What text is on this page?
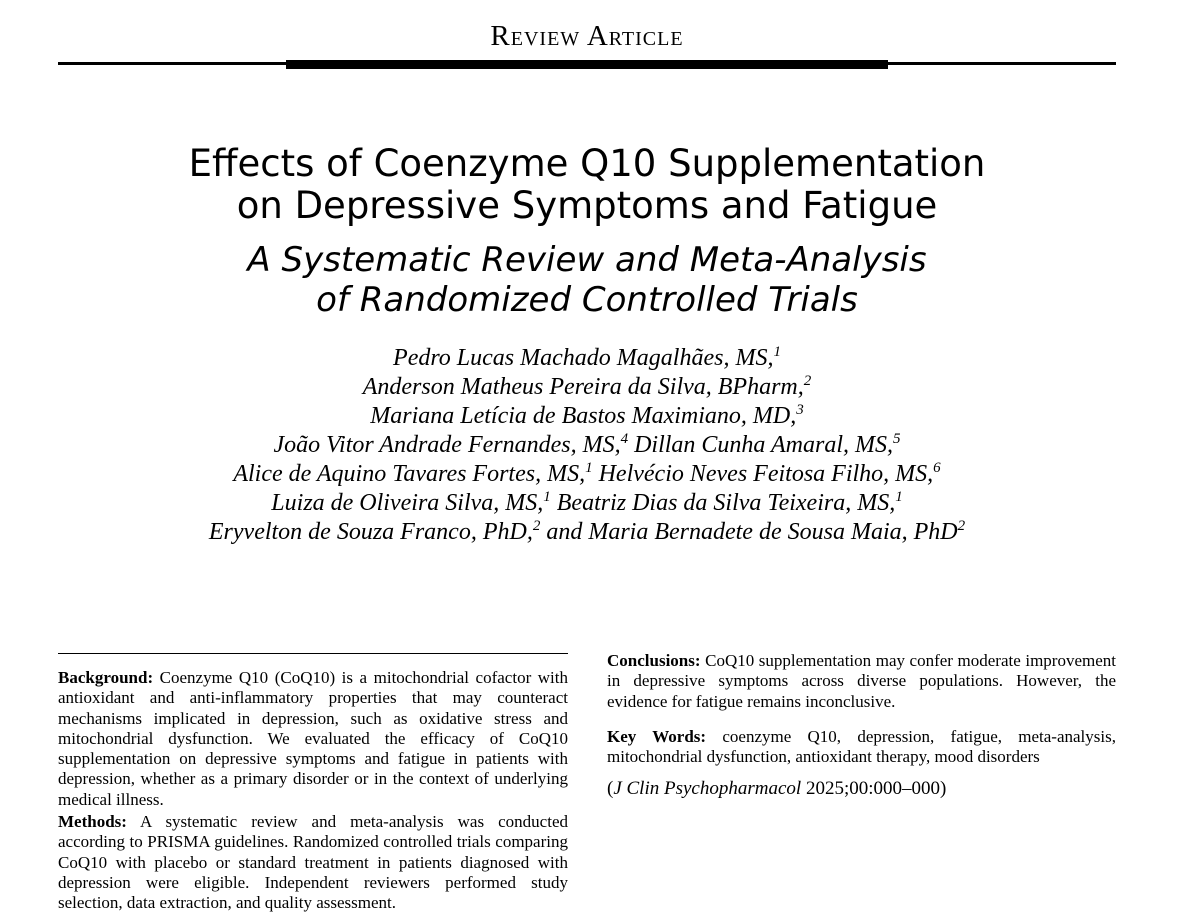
Review Article
Effects of Coenzyme Q10 Supplementation
on Depressive Symptoms and Fatigue
A Systematic Review and Meta-Analysis
of Randomized Controlled Trials
Pedro Lucas Machado Magalhães, MS,$^1$
Anderson Matheus Pereira da Silva, BPharm,$^2$
Mariana Letícia de Bastos Maximiano, MD,$^3$
João Vitor Andrade Fernandes, MS,$^4$ Dillan Cunha Amaral, MS,$^5$
Alice de Aquino Tavares Fortes, MS,$^1$ Helvécio Neves Feitosa Filho, MS,$^6$
Luiza de Oliveira Silva, MS,$^1$ Beatriz Dias da Silva Teixeira, MS,$^1$
Eryvelton de Souza Franco, PhD,$^2$ and Maria Bernadete de Sousa Maia, PhD$^2$

Background: Coenzyme Q10 (CoQ10) is a mitochondrial cofactor with antioxidant and anti-inflammatory properties that may counteract mechanisms implicated in depression, such as oxidative stress and mitochondrial dysfunction. We evaluated the efficacy of CoQ10 supplementation on depressive symptoms and fatigue in patients with depression, whether as a primary disorder or in the context of underlying medical illness.

Methods: A systematic review and meta-analysis was conducted according to PRISMA guidelines. Randomized controlled trials comparing CoQ10 with placebo or standard treatment in patients diagnosed with depression were eligible. Independent reviewers performed study selection, data extraction, and quality assessment.

Conclusions: CoQ10 supplementation may confer moderate improvement in depressive symptoms across diverse populations. However, the evidence for fatigue remains inconclusive.

Key Words: coenzyme Q10, depression, fatigue, meta-analysis, mitochondrial dysfunction, antioxidant therapy, mood disorders

(J Clin Psychopharmacol 2025;00:000–000)
